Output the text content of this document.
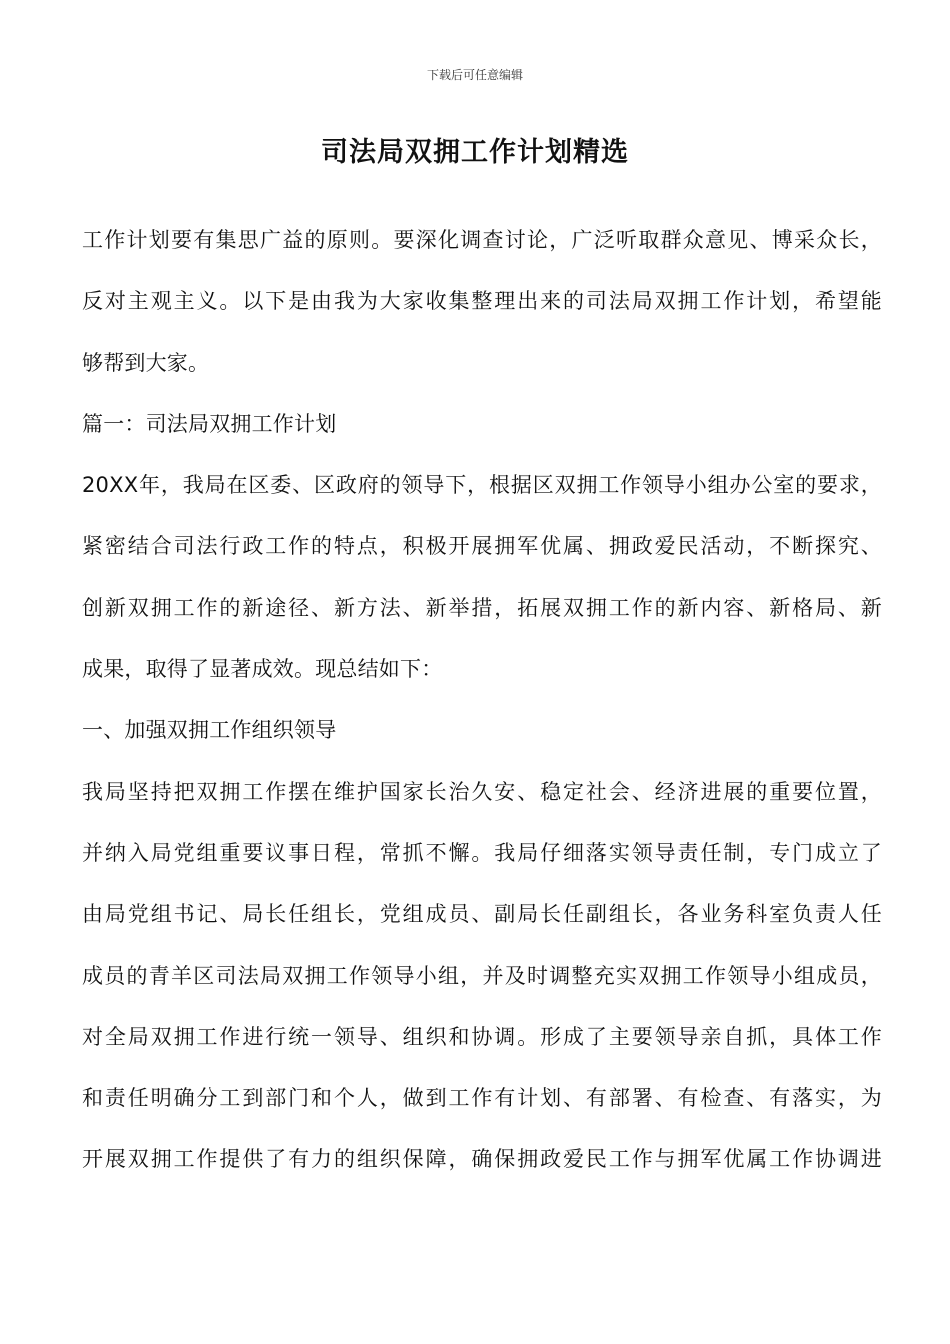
下载后可任意编辑
司法局双拥工作计划精选
工作计划要有集思广益的原则。要深化调查讨论，广泛听取群众意见、博采众长，
反对主观主义。以下是由我为大家收集整理出来的司法局双拥工作计划，希望能
够帮到大家。
篇一：司法局双拥工作计划
20XX年，我局在区委、区政府的领导下，根据区双拥工作领导小组办公室的要求，
紧密结合司法行政工作的特点，积极开展拥军优属、拥政爱民活动，不断探究、
创新双拥工作的新途径、新方法、新举措，拓展双拥工作的新内容、新格局、新
成果，取得了显著成效。现总结如下：
一、加强双拥工作组织领导
我局坚持把双拥工作摆在维护国家长治久安、稳定社会、经济进展的重要位置，
并纳入局党组重要议事日程，常抓不懈。我局仔细落实领导责任制，专门成立了
由局党组书记、局长任组长，党组成员、副局长任副组长，各业务科室负责人任
成员的青羊区司法局双拥工作领导小组，并及时调整充实双拥工作领导小组成员，
对全局双拥工作进行统一领导、组织和协调。形成了主要领导亲自抓，具体工作
和责任明确分工到部门和个人，做到工作有计划、有部署、有检查、有落实，为
开展双拥工作提供了有力的组织保障，确保拥政爱民工作与拥军优属工作协调进
